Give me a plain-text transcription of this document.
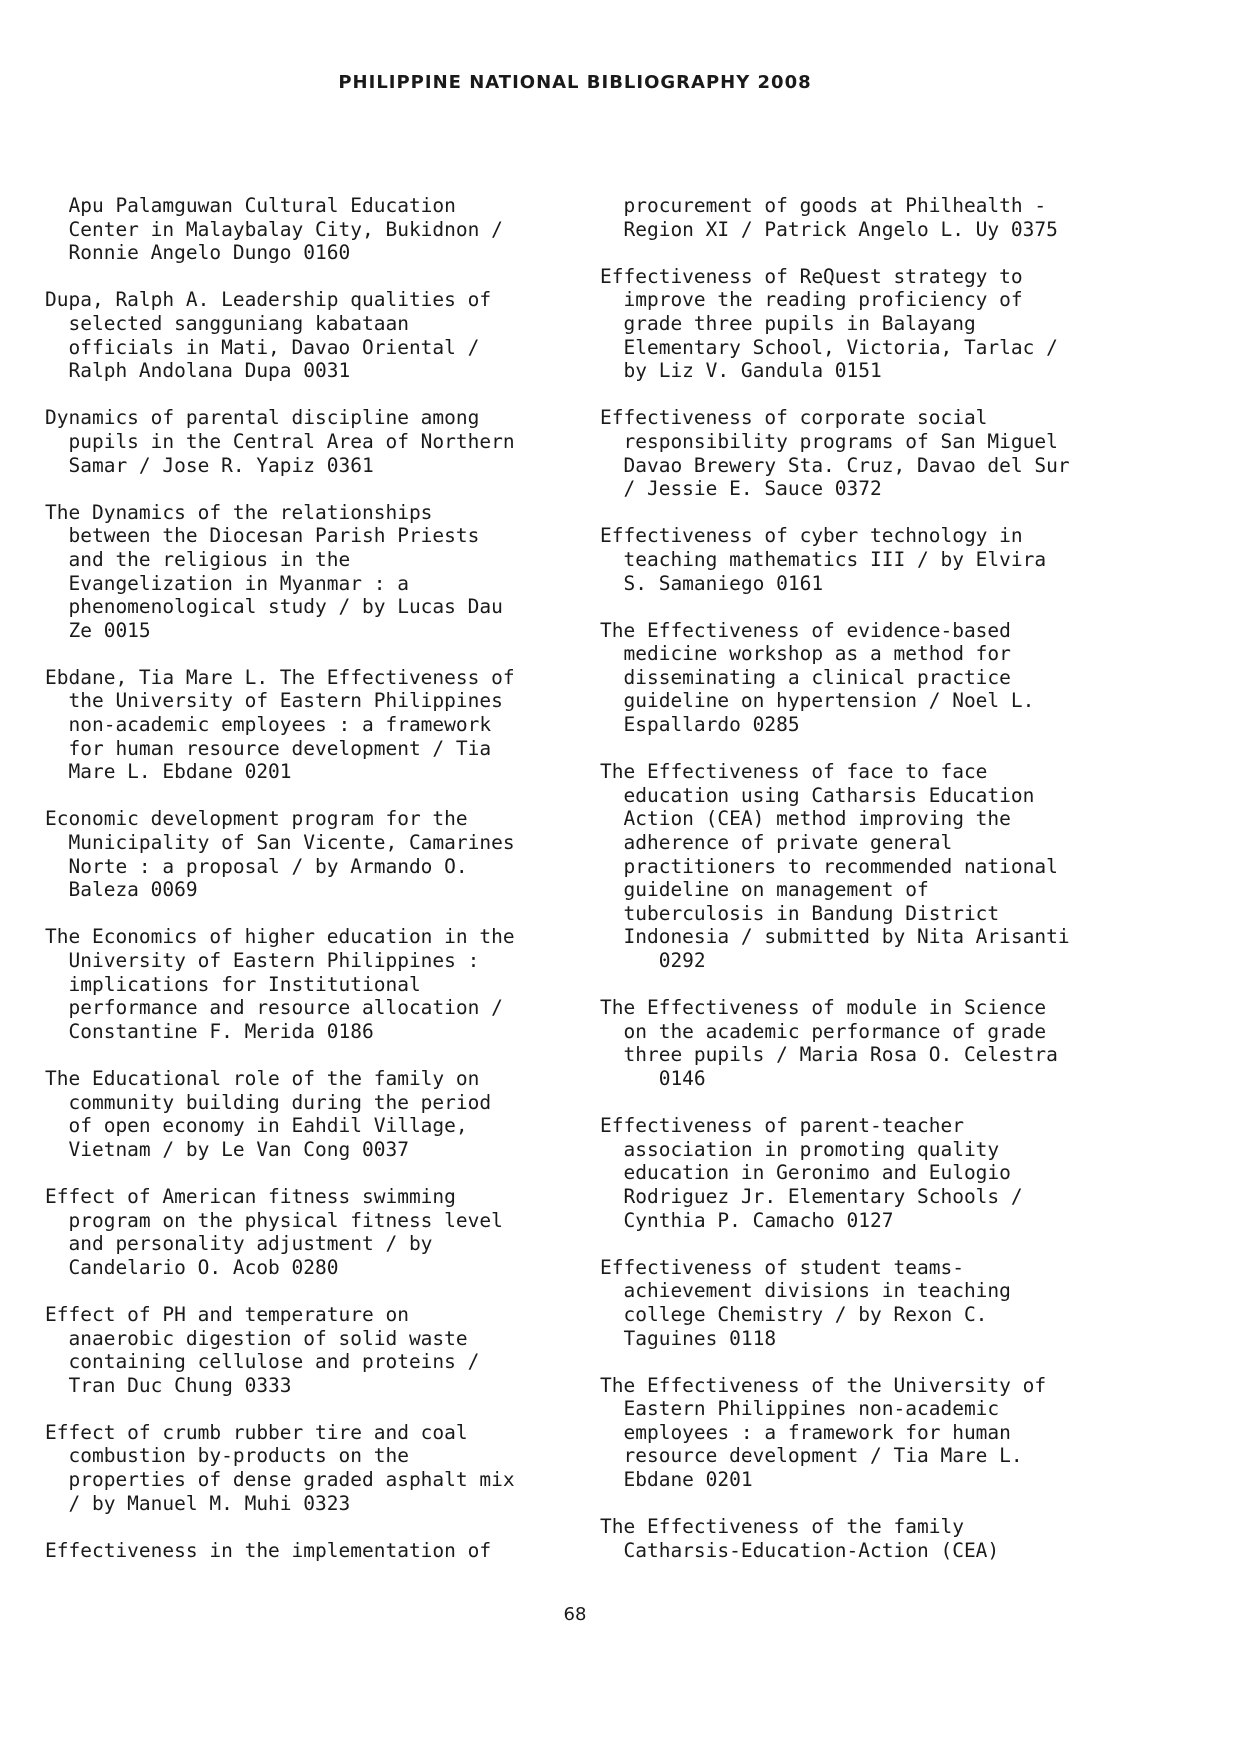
PHILIPPINE NATIONAL BIBLIOGRAPHY 2008
Apu Palamguwan Cultural Education
Center in Malaybalay City, Bukidnon /
Ronnie Angelo Dungo 0160
Dupa, Ralph A. Leadership qualities of
selected sangguniang kabataan
officials in Mati, Davao Oriental /
Ralph Andolana Dupa 0031
Dynamics of parental discipline among
pupils in the Central Area of Northern
Samar / Jose R. Yapiz 0361
The Dynamics of the relationships
between the Diocesan Parish Priests
and the religious in the
Evangelization in Myanmar : a
phenomenological study / by Lucas Dau
Ze 0015
Ebdane, Tia Mare L. The Effectiveness of
the University of Eastern Philippines
non-academic employees : a framework
for human resource development / Tia
Mare L. Ebdane 0201
Economic development program for the
Municipality of San Vicente, Camarines
Norte : a proposal / by Armando O.
Baleza 0069
The Economics of higher education in the
University of Eastern Philippines :
implications for Institutional
performance and resource allocation /
Constantine F. Merida 0186
The Educational role of the family on
community building during the period
of open economy in Eahdil Village,
Vietnam / by Le Van Cong 0037
Effect of American fitness swimming
program on the physical fitness level
and personality adjustment / by
Candelario O. Acob 0280
Effect of PH and temperature on
anaerobic digestion of solid waste
containing cellulose and proteins /
Tran Duc Chung 0333
Effect of crumb rubber tire and coal
combustion by-products on the
properties of dense graded asphalt mix
/ by Manuel M. Muhi 0323
Effectiveness in the implementation of
procurement of goods at Philhealth -
Region XI / Patrick Angelo L. Uy 0375
Effectiveness of ReQuest strategy to
improve the reading proficiency of
grade three pupils in Balayang
Elementary School, Victoria, Tarlac /
by Liz V. Gandula 0151
Effectiveness of corporate social
responsibility programs of San Miguel
Davao Brewery Sta. Cruz, Davao del Sur
/ Jessie E. Sauce 0372
Effectiveness of cyber technology in
teaching mathematics III / by Elvira
S. Samaniego 0161
The Effectiveness of evidence-based
medicine workshop as a method for
disseminating a clinical practice
guideline on hypertension / Noel L.
Espallardo 0285
The Effectiveness of face to face
education using Catharsis Education
Action (CEA) method improving the
adherence of private general
practitioners to recommended national
guideline on management of
tuberculosis in Bandung District
Indonesia / submitted by Nita Arisanti
0292
The Effectiveness of module in Science
on the academic performance of grade
three pupils / Maria Rosa O. Celestra
0146
Effectiveness of parent-teacher
association in promoting quality
education in Geronimo and Eulogio
Rodriguez Jr. Elementary Schools /
Cynthia P. Camacho 0127
Effectiveness of student teams-
achievement divisions in teaching
college Chemistry / by Rexon C.
Taguines 0118
The Effectiveness of the University of
Eastern Philippines non-academic
employees : a framework for human
resource development / Tia Mare L.
Ebdane 0201
The Effectiveness of the family
Catharsis-Education-Action (CEA)
68
